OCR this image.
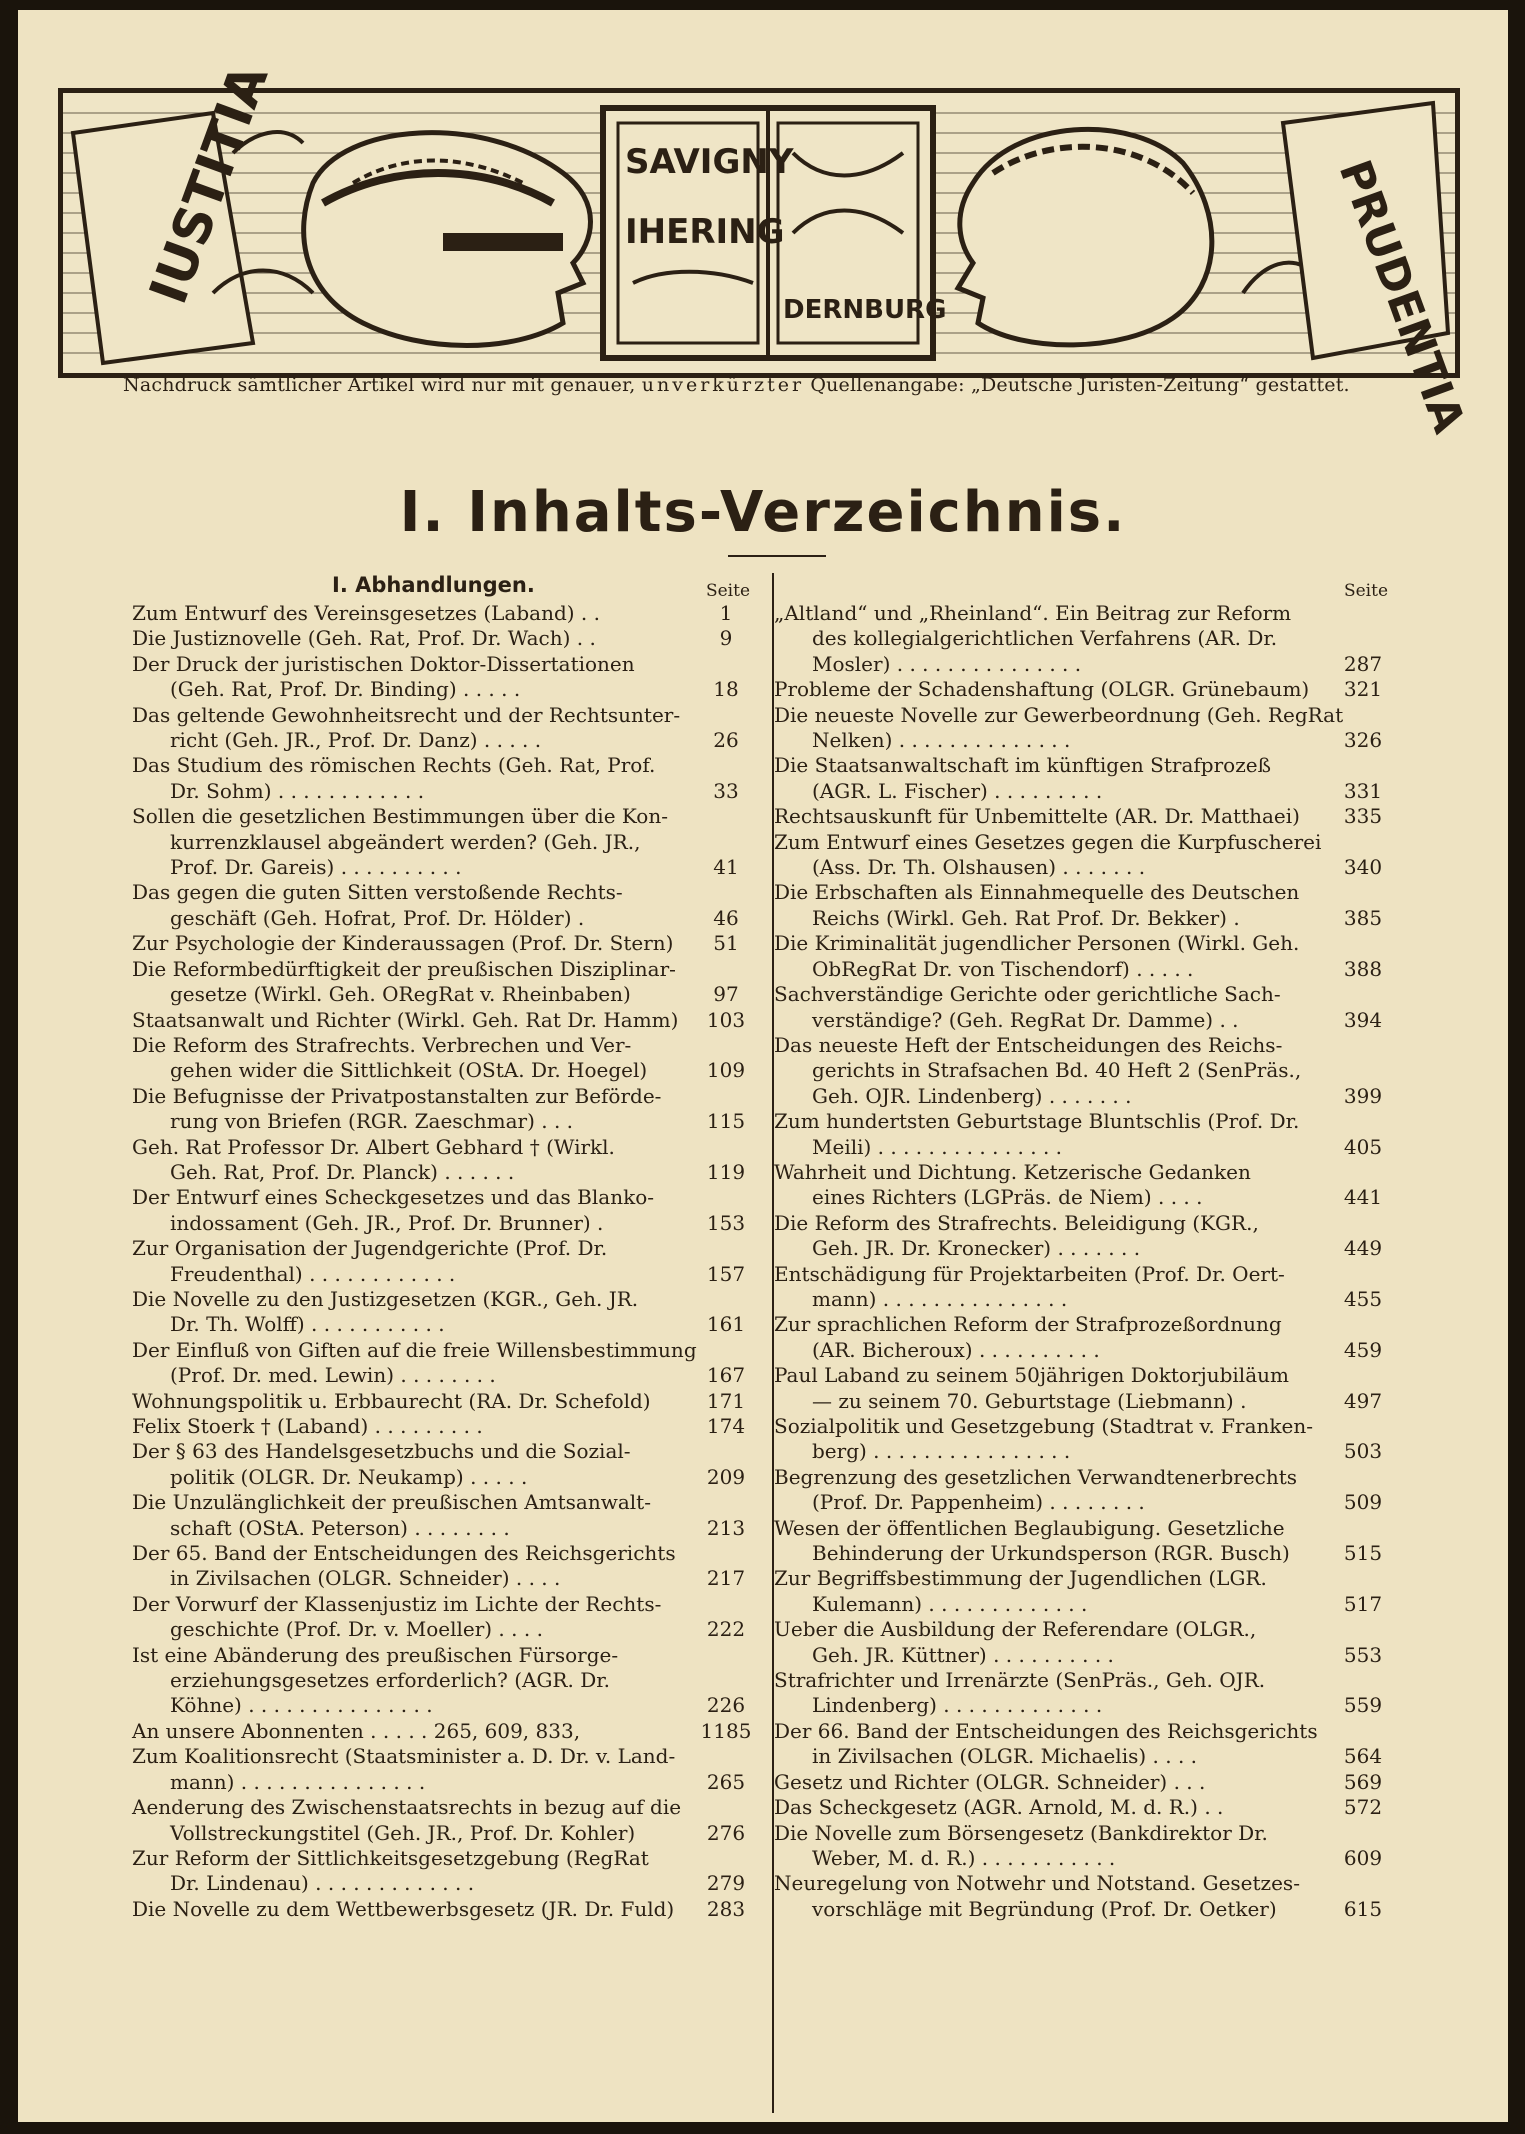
IUSTITIA	SAVIGNY
IHERING
DERNBURG	PRUDENTIA
Nachdruck sämtlicher Artikel wird nur mit genauer, unverkürzter Quellenangabe: „Deutsche Juristen-Zeitung“ gestattet.
I. Inhalts-Verzeichnis.
I. Abhandlungen.	Seite
Zum Entwurf des Vereinsgesetzes (Laband) . .	1
Die Justiznovelle (Geh. Rat, Prof. Dr. Wach) . .	9
Der Druck der juristischen Doktor-Dissertationen
(Geh. Rat, Prof. Dr. Binding) . . . . .	18
Das geltende Gewohnheitsrecht und der Rechtsunter-
richt (Geh. JR., Prof. Dr. Danz) . . . . .	26
Das Studium des römischen Rechts (Geh. Rat, Prof.
Dr. Sohm) . . . . . . . . . . . .	33
Sollen die gesetzlichen Bestimmungen über die Kon-
kurrenzklausel abgeändert werden? (Geh. JR.,
Prof. Dr. Gareis) . . . . . . . . . .	41
Das gegen die guten Sitten verstoßende Rechts-
geschäft (Geh. Hofrat, Prof. Dr. Hölder) .	46
Zur Psychologie der Kinderaussagen (Prof. Dr. Stern)	51
Die Reformbedürftigkeit der preußischen Disziplinar-
gesetze (Wirkl. Geh. ORegRat v. Rheinbaben)	97
Staatsanwalt und Richter (Wirkl. Geh. Rat Dr. Hamm)	103
Die Reform des Strafrechts. Verbrechen und Ver-
gehen wider die Sittlichkeit (OStA. Dr. Hoegel)	109
Die Befugnisse der Privatpostanstalten zur Beförde-
rung von Briefen (RGR. Zaeschmar) . . .	115
Geh. Rat Professor Dr. Albert Gebhard † (Wirkl.
Geh. Rat, Prof. Dr. Planck) . . . . . .	119
Der Entwurf eines Scheckgesetzes und das Blanko-
indossament (Geh. JR., Prof. Dr. Brunner) .	153
Zur Organisation der Jugendgerichte (Prof. Dr.
Freudenthal) . . . . . . . . . . . .	157
Die Novelle zu den Justizgesetzen (KGR., Geh. JR.
Dr. Th. Wolff) . . . . . . . . . . .	161
Der Einfluß von Giften auf die freie Willensbestimmung
(Prof. Dr. med. Lewin) . . . . . . . .	167
Wohnungspolitik u. Erbbaurecht (RA. Dr. Schefold)	171
Felix Stoerk † (Laband) . . . . . . . . .	174
Der § 63 des Handelsgesetzbuchs und die Sozial-
politik (OLGR. Dr. Neukamp) . . . . .	209
Die Unzulänglichkeit der preußischen Amtsanwalt-
schaft (OStA. Peterson) . . . . . . . .	213
Der 65. Band der Entscheidungen des Reichsgerichts
in Zivilsachen (OLGR. Schneider) . . . .	217
Der Vorwurf der Klassenjustiz im Lichte der Rechts-
geschichte (Prof. Dr. v. Moeller) . . . .	222
Ist eine Abänderung des preußischen Fürsorge-
erziehungsgesetzes erforderlich? (AGR. Dr.
Köhne) . . . . . . . . . . . . . . .	226
An unsere Abonnenten . . . . . 265, 609, 833,	1185
Zum Koalitionsrecht (Staatsminister a. D. Dr. v. Land-
mann) . . . . . . . . . . . . . . .	265
Aenderung des Zwischenstaatsrechts in bezug auf die
Vollstreckungstitel (Geh. JR., Prof. Dr. Kohler)	276
Zur Reform der Sittlichkeitsgesetzgebung (RegRat
Dr. Lindenau) . . . . . . . . . . . . .	279
Die Novelle zu dem Wettbewerbsgesetz (JR. Dr. Fuld)	283
Seite
„Altland“ und „Rheinland“. Ein Beitrag zur Reform
des kollegialgerichtlichen Verfahrens (AR. Dr.
Mosler) . . . . . . . . . . . . . . .	287
Probleme der Schadenshaftung (OLGR. Grünebaum)	321
Die neueste Novelle zur Gewerbeordnung (Geh. RegRat
Nelken) . . . . . . . . . . . . . .	326
Die Staatsanwaltschaft im künftigen Strafprozeß
(AGR. L. Fischer) . . . . . . . . .	331
Rechtsauskunft für Unbemittelte (AR. Dr. Matthaei)	335
Zum Entwurf eines Gesetzes gegen die Kurpfuscherei
(Ass. Dr. Th. Olshausen) . . . . . . .	340
Die Erbschaften als Einnahmequelle des Deutschen
Reichs (Wirkl. Geh. Rat Prof. Dr. Bekker) .	385
Die Kriminalität jugendlicher Personen (Wirkl. Geh.
ObRegRat Dr. von Tischendorf) . . . . .	388
Sachverständige Gerichte oder gerichtliche Sach-
verständige? (Geh. RegRat Dr. Damme) . .	394
Das neueste Heft der Entscheidungen des Reichs-
gerichts in Strafsachen Bd. 40 Heft 2 (SenPräs.,
Geh. OJR. Lindenberg) . . . . . . .	399
Zum hundertsten Geburtstage Bluntschlis (Prof. Dr.
Meili) . . . . . . . . . . . . . . .	405
Wahrheit und Dichtung. Ketzerische Gedanken
eines Richters (LGPräs. de Niem) . . . .	441
Die Reform des Strafrechts. Beleidigung (KGR.,
Geh. JR. Dr. Kronecker) . . . . . . .	449
Entschädigung für Projektarbeiten (Prof. Dr. Oert-
mann) . . . . . . . . . . . . . . .	455
Zur sprachlichen Reform der Strafprozeßordnung
(AR. Bicheroux) . . . . . . . . . .	459
Paul Laband zu seinem 50jährigen Doktorjubiläum
— zu seinem 70. Geburtstage (Liebmann) .	497
Sozialpolitik und Gesetzgebung (Stadtrat v. Franken-
berg) . . . . . . . . . . . . . . . .	503
Begrenzung des gesetzlichen Verwandtenerbrechts
(Prof. Dr. Pappenheim) . . . . . . . .	509
Wesen der öffentlichen Beglaubigung. Gesetzliche
Behinderung der Urkundsperson (RGR. Busch)	515
Zur Begriffsbestimmung der Jugendlichen (LGR.
Kulemann) . . . . . . . . . . . . .	517
Ueber die Ausbildung der Referendare (OLGR.,
Geh. JR. Küttner) . . . . . . . . . .	553
Strafrichter und Irrenärzte (SenPräs., Geh. OJR.
Lindenberg) . . . . . . . . . . . . .	559
Der 66. Band der Entscheidungen des Reichsgerichts
in Zivilsachen (OLGR. Michaelis) . . . .	564
Gesetz und Richter (OLGR. Schneider) . . .	569
Das Scheckgesetz (AGR. Arnold, M. d. R.) . .	572
Die Novelle zum Börsengesetz (Bankdirektor Dr.
Weber, M. d. R.) . . . . . . . . . . .	609
Neuregelung von Notwehr und Notstand. Gesetzes-
vorschläge mit Begründung (Prof. Dr. Oetker)	615
